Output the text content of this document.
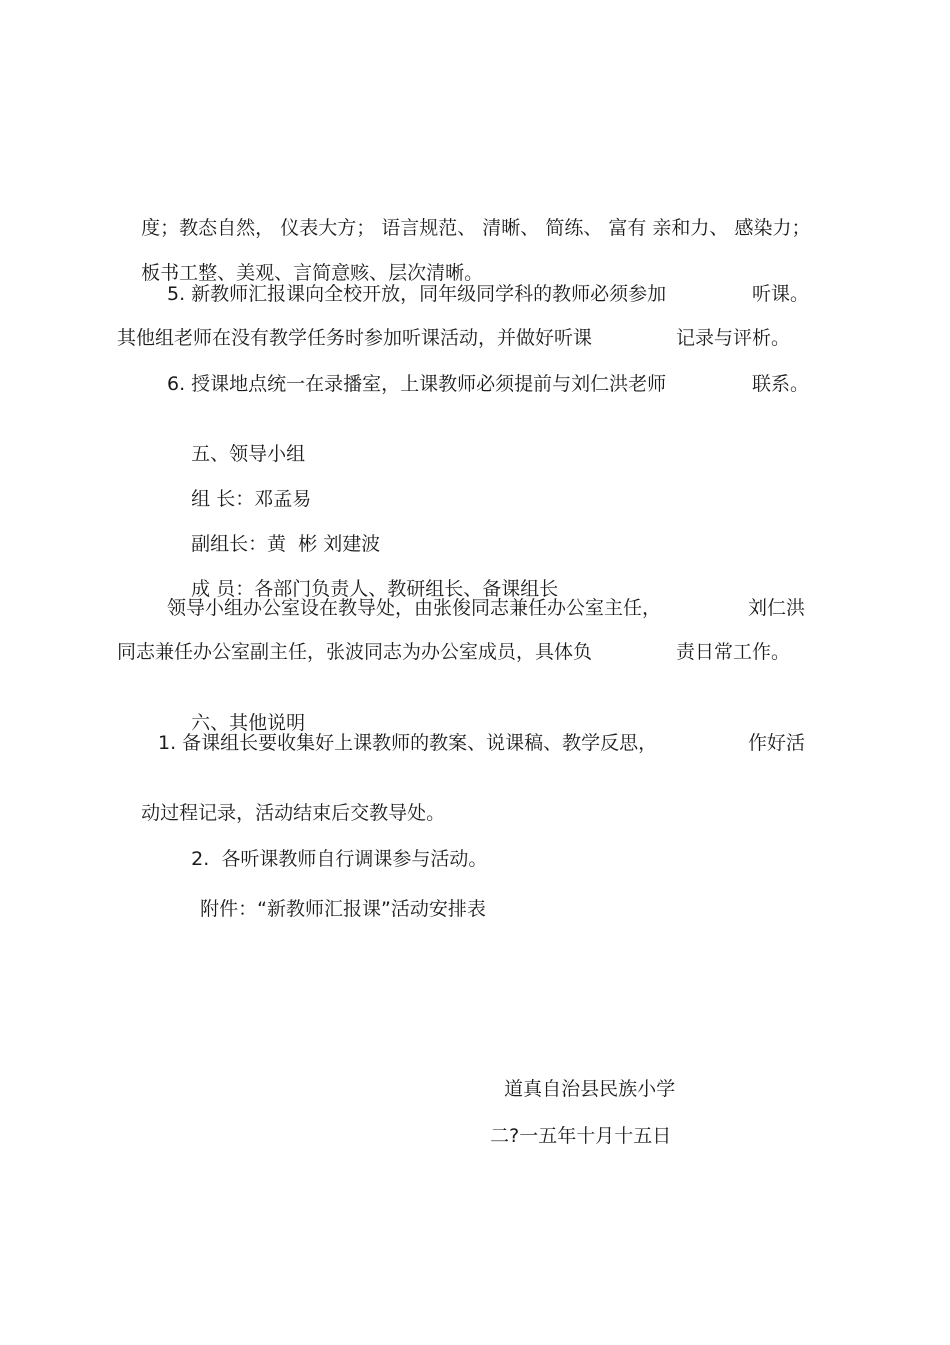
度；教态自然， 仪表大方； 语言规范、 清晰、 简练、 富有 亲和力、 感染力；

板书工整、美观、言简意赅、层次清晰。

5. 新教师汇报课向全校开放，同年级同学科的教师必须参加

	听课。

其他组老师在没有教学任务时参加听课活动，并做好听课

	记录与评析。

6. 授课地点统一在录播室，上课教师必须提前与刘仁洪老师

	联系。

五、领导小组

组 长：邓孟易

副组长：黄  彬 刘建波

成 员：各部门负责人、教研组长、备课组长

领导小组办公室设在教导处，由张俊同志兼任办公室主任，

	刘仁洪

同志兼任办公室副主任，张波同志为办公室成员，具体负

	责日常工作。

六、其他说明

1. 备课组长要收集好上课教师的教案、说课稿、教学反思，

	作好活

动过程记录，活动结束后交教导处。

2.  各听课教师自行调课参与活动。

附件：“新教师汇报课”活动安排表

道真自治县民族小学

二?一五年十月十五日
